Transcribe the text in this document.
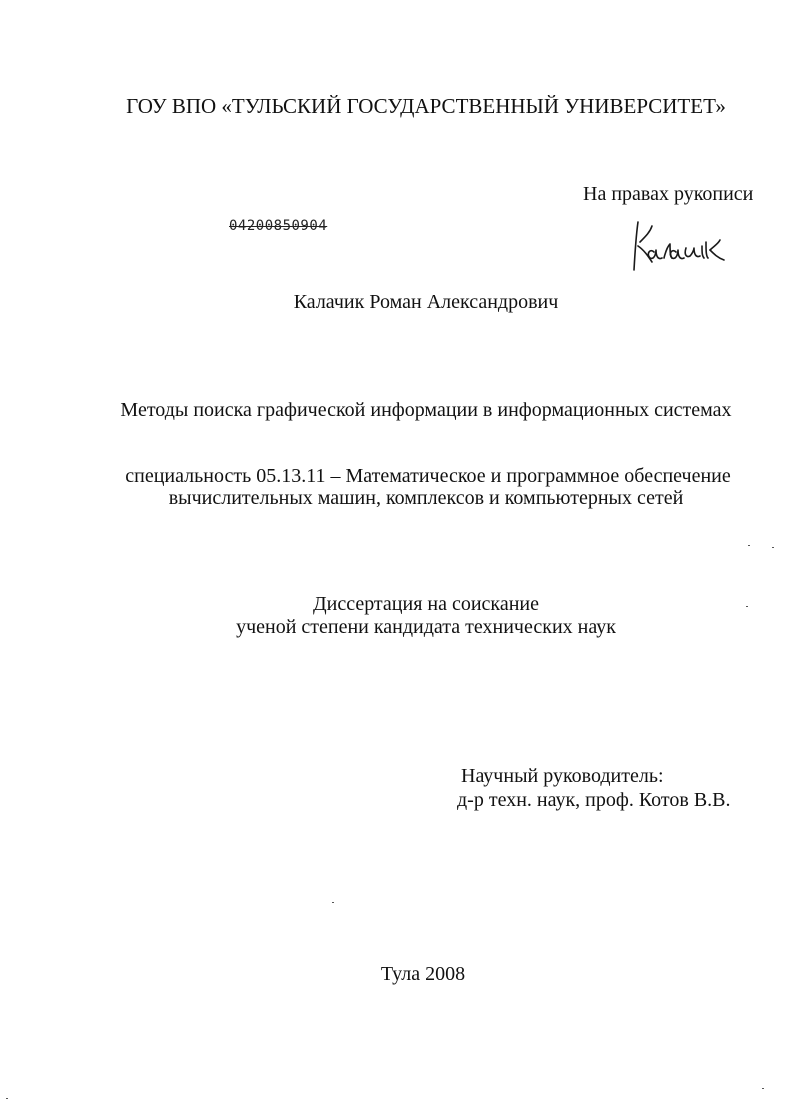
ГОУ ВПО «ТУЛЬСКИЙ ГОСУДАРСТВЕННЫЙ УНИВЕРСИТЕТ»
На правах рукописи
04200850904
Калачик Роман Александрович
Методы поиска графической информации в информационных системах
специальность 05.13.11 – Математическое и программное обеспечение
вычислительных машин, комплексов и компьютерных сетей
Диссертация на соискание
ученой степени кандидата технических наук
Научный руководитель:
д-р техн. наук, проф. Котов В.В.
Тула 2008
